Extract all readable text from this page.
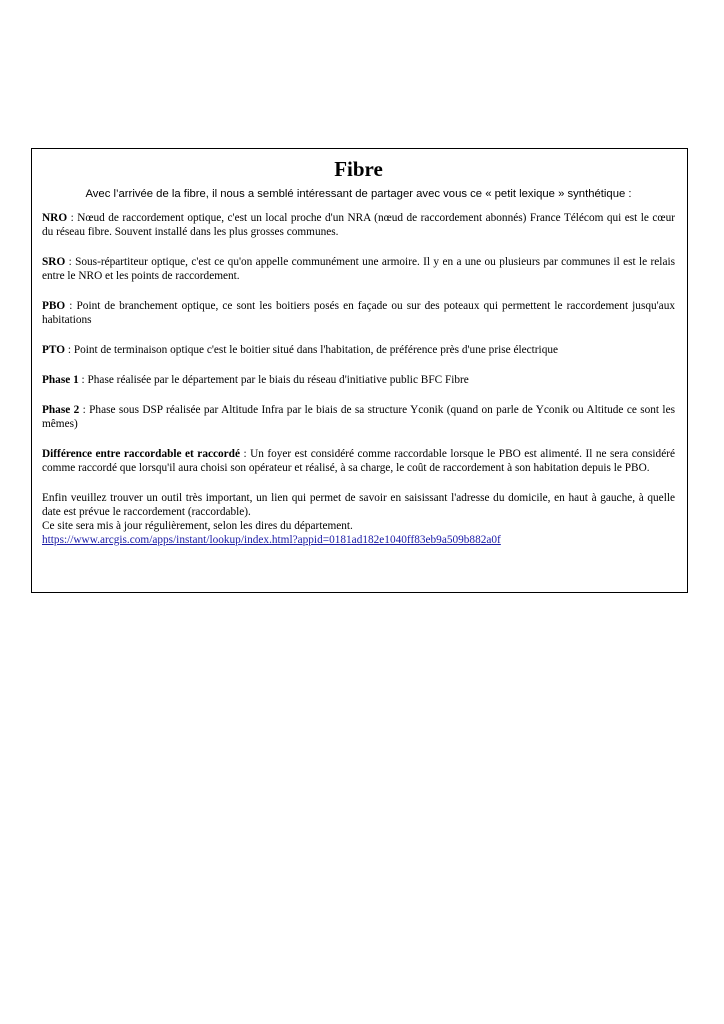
Fibre
Avec l’arrivée de la fibre, il nous a semblé intéressant de partager avec vous ce « petit lexique » synthétique :

NRO : Nœud de raccordement optique, c'est un local proche d'un NRA (nœud de raccordement abonnés) France Télécom qui est le cœur du réseau fibre. Souvent installé dans les plus grosses communes.

SRO : Sous-répartiteur optique, c'est ce qu'on appelle communément une armoire. Il y en a une ou plusieurs par communes il est le relais entre le NRO et les points de raccordement.

PBO : Point de branchement optique, ce sont les boitiers posés en façade ou sur des poteaux qui permettent le raccordement jusqu'aux habitations

PTO : Point de terminaison optique c'est le boitier situé dans l'habitation, de préférence près d'une prise électrique

Phase 1 : Phase réalisée par le département par le biais du réseau d'initiative public BFC Fibre

Phase 2 : Phase sous DSP réalisée par Altitude Infra par le biais de sa structure Yconik (quand on parle de Yconik ou Altitude ce sont les mêmes)

Différence entre raccordable et raccordé : Un foyer est considéré comme raccordable lorsque le PBO est alimenté. Il ne sera considéré comme raccordé que lorsqu'il aura choisi son opérateur et réalisé, à sa charge, le coût de raccordement à son habitation depuis le PBO.

Enfin veuillez trouver un outil très important, un lien qui permet de savoir en saisissant l'adresse du domicile, en haut à gauche, à quelle date est prévue le raccordement (raccordable).
Ce site sera mis à jour régulièrement, selon les dires du département.
https://www.arcgis.com/apps/instant/lookup/index.html?appid=0181ad182e1040ff83eb9a509b882a0f
